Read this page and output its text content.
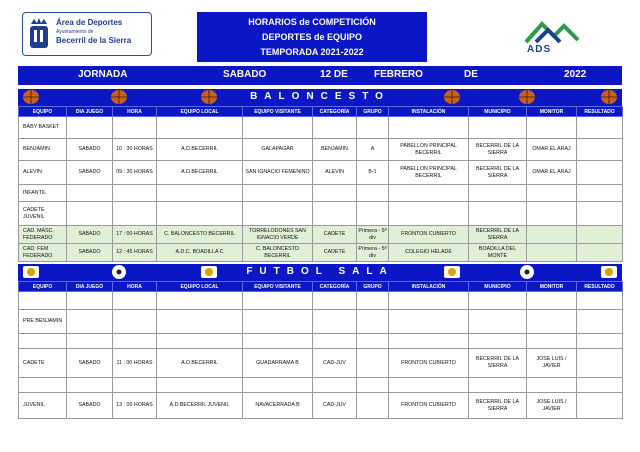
Área de Deportes
Ayuntamiento de
Becerril de la Sierra
HORARIOS de COMPETICIÓN
DEPORTES de EQUIPO
TEMPORADA 2021-2022	ADS
JORNADA	SABADO	12 DE	FEBRERO	DE	2022
BALONCESTO
EQUIPO	DIA JUEGO	HORA	EQUIPO LOCAL	EQUIPO VISITANTE	CATEGORÍA	GRUPO	INSTALACIÓN	MUNICIPIO	MONITOR	RESULTADO
BABY BASKET										
BENJAMIN	SABADO	10 : 30 HORAS	A.D.BECERRIL	GALAPAGAR	BENJAMIN	A	PABELLON PRINCIPAL BECERRIL	BECERRIL DE LA SIERRA	OMAR EL ARAJ	
ALEVIN	SABADO	09 : 30 HORAS	A.D.BECERRIL	SAN IGNACIO FEMENINO	ALEVIN	B-1	PABELLON PRINCIPAL BECERRIL	BECERRIL DE LA SIERRA	OMAR EL ARAJ	
INFANTIL										
CADETE JUVENIL										
CAD. MASC. FEDERADO	SABADO	17 : 00 HORAS	C. BALONCESTO BECERRIL	TORRELODONES SAN IGNACIO VERDE	CADETE	Primera - 5ª div	FRONTON CUBIERTO	BECERRIL DE LA SIERRA		
CAD. FEM FEDERADO	SABADO	12 : 45 HORAS	A.D.C. BOADILLA C	C. BALONCESTO BECERRIL	CADETE	Primera - 5ª div	COLEGIO HELADE	BOADILLA DEL MONTE		
FUTBOL SALA
EQUIPO	DIA JUEGO	HORA	EQUIPO LOCAL	EQUIPO VISITANTE	CATEGORÍA	GRUPO	INSTALACIÓN	MUNICIPIO	MONITOR	RESULTADO

PRE BENJAMIN										

CADETE	SABADO	11 : 00 HORAS	A.D.BECERRIL	GUADARRAMA B	CAD-JUV		FRONTON CUBIERTO	BECERRIL DE LA SIERRA	JOSE LUIS / JAVIER	

JUVENIL	SABADO	13 : 00 HORAS	A.D.BECERRIL JUVENIL	NAVACERRADA B	CAD-JUV		FRONTON CUBIERTO	BECERRIL DE LA SIERRA	JOSE LUIS / JAVIER	
